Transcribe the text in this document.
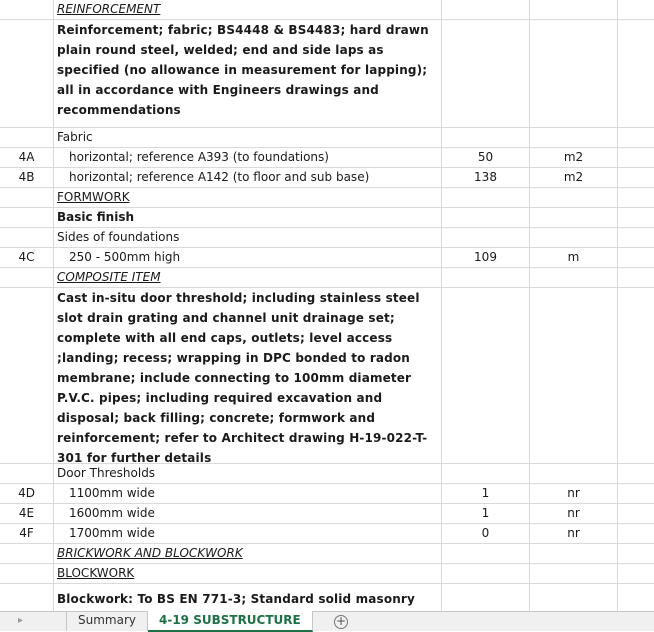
REINFORCEMENT
Reinforcement; fabric; BS4448 & BS4483; hard drawn plain round steel, welded; end and side laps as specified (no allowance in measurement for lapping); all in accordance with Engineers drawings and recommendations
Fabric
4A	horizontal; reference A393 (to foundations)	50	m2
4B	horizontal; reference A142 (to floor and sub base)	138	m2
FORMWORK
Basic finish
Sides of foundations
4C	250 - 500mm high	109	m
COMPOSITE ITEM
Cast in-situ door threshold; including stainless steel slot drain grating and channel unit drainage set; complete with all end caps, outlets; level access ;landing; recess; wrapping in DPC bonded to radon membrane; include connecting to 100mm diameter P.V.C. pipes; including required excavation and disposal; back filling; concrete; formwork and reinforcement; refer to Architect drawing H-19-022-T-301 for further details
Door Thresholds
4D	1100mm wide	1	nr
4E	1600mm wide	1	nr
4F	1700mm wide	0	nr
BRICKWORK AND BLOCKWORK
BLOCKWORK
Blockwork: To BS EN 771-3; Standard solid masonry
▸	Summary	4-19 SUBSTRUCTURE	+
